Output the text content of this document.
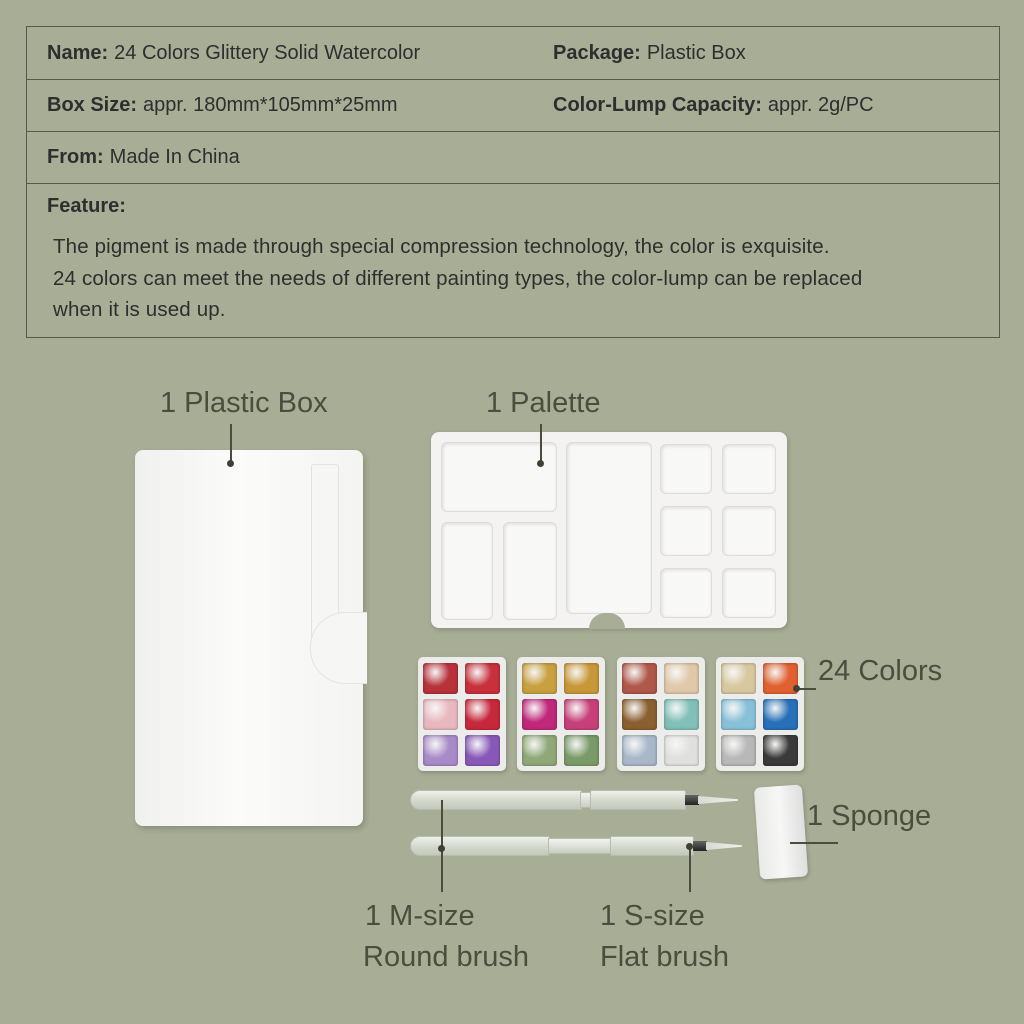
Name: 24 Colors Glittery Solid Watercolor	Package: Plastic Box
Box Size: appr. 180mm*105mm*25mm	Color-Lump Capacity: appr. 2g/PC
From: Made In China
Feature:
The pigment is made through special compression technology, the color is exquisite.
24 colors can meet the needs of different painting types, the color-lump can be replaced
when it is used up.
1 Plastic Box	1 Palette
24 Colors
1 Sponge
1 M-size
Round brush
1 S-size
Flat brush
